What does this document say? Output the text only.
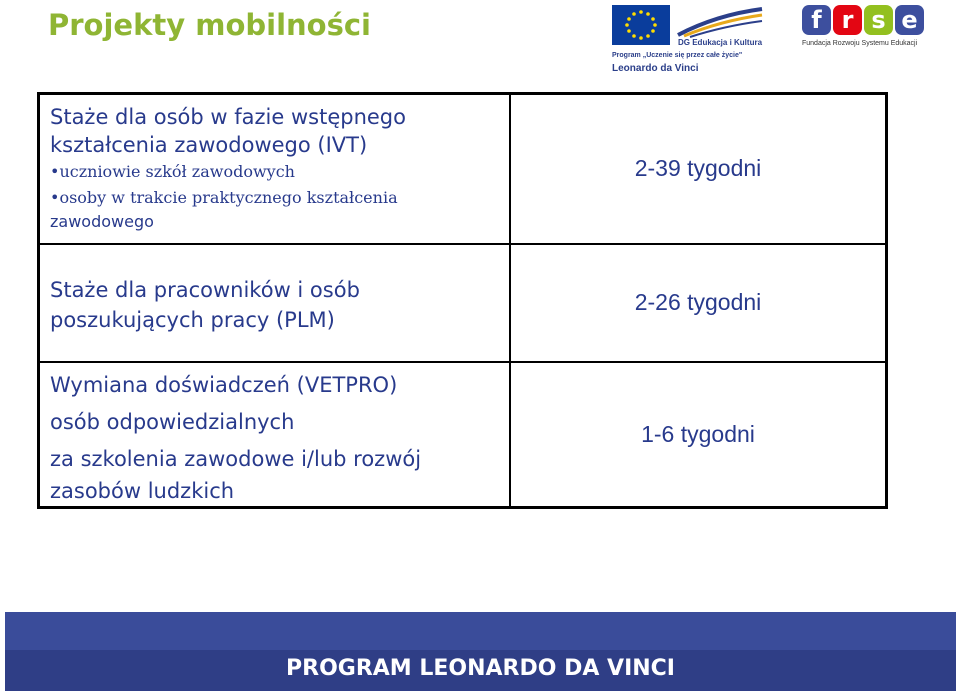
Projekty mobilności
DG Edukacja i Kultura
Program „Uczenie się przez całe życie"
Leonardo da Vinci
f r s e
Fundacja Rozwoju Systemu Edukacji
Staże dla osób w fazie wstępnego
kształcenia zawodowego (IVT)
•uczniowie szkół zawodowych
•osoby w trakcie praktycznego kształcenia
zawodowego	2-39 tygodni

Staże dla pracowników i osób
poszukujących pracy (PLM)	2-26 tygodni

Wymiana doświadczeń (VETPRO)
osób odpowiedzialnych
za szkolenia zawodowe i/lub rozwój
zasobów ludzkich	1-6 tygodni
PROGRAM LEONARDO DA VINCI
